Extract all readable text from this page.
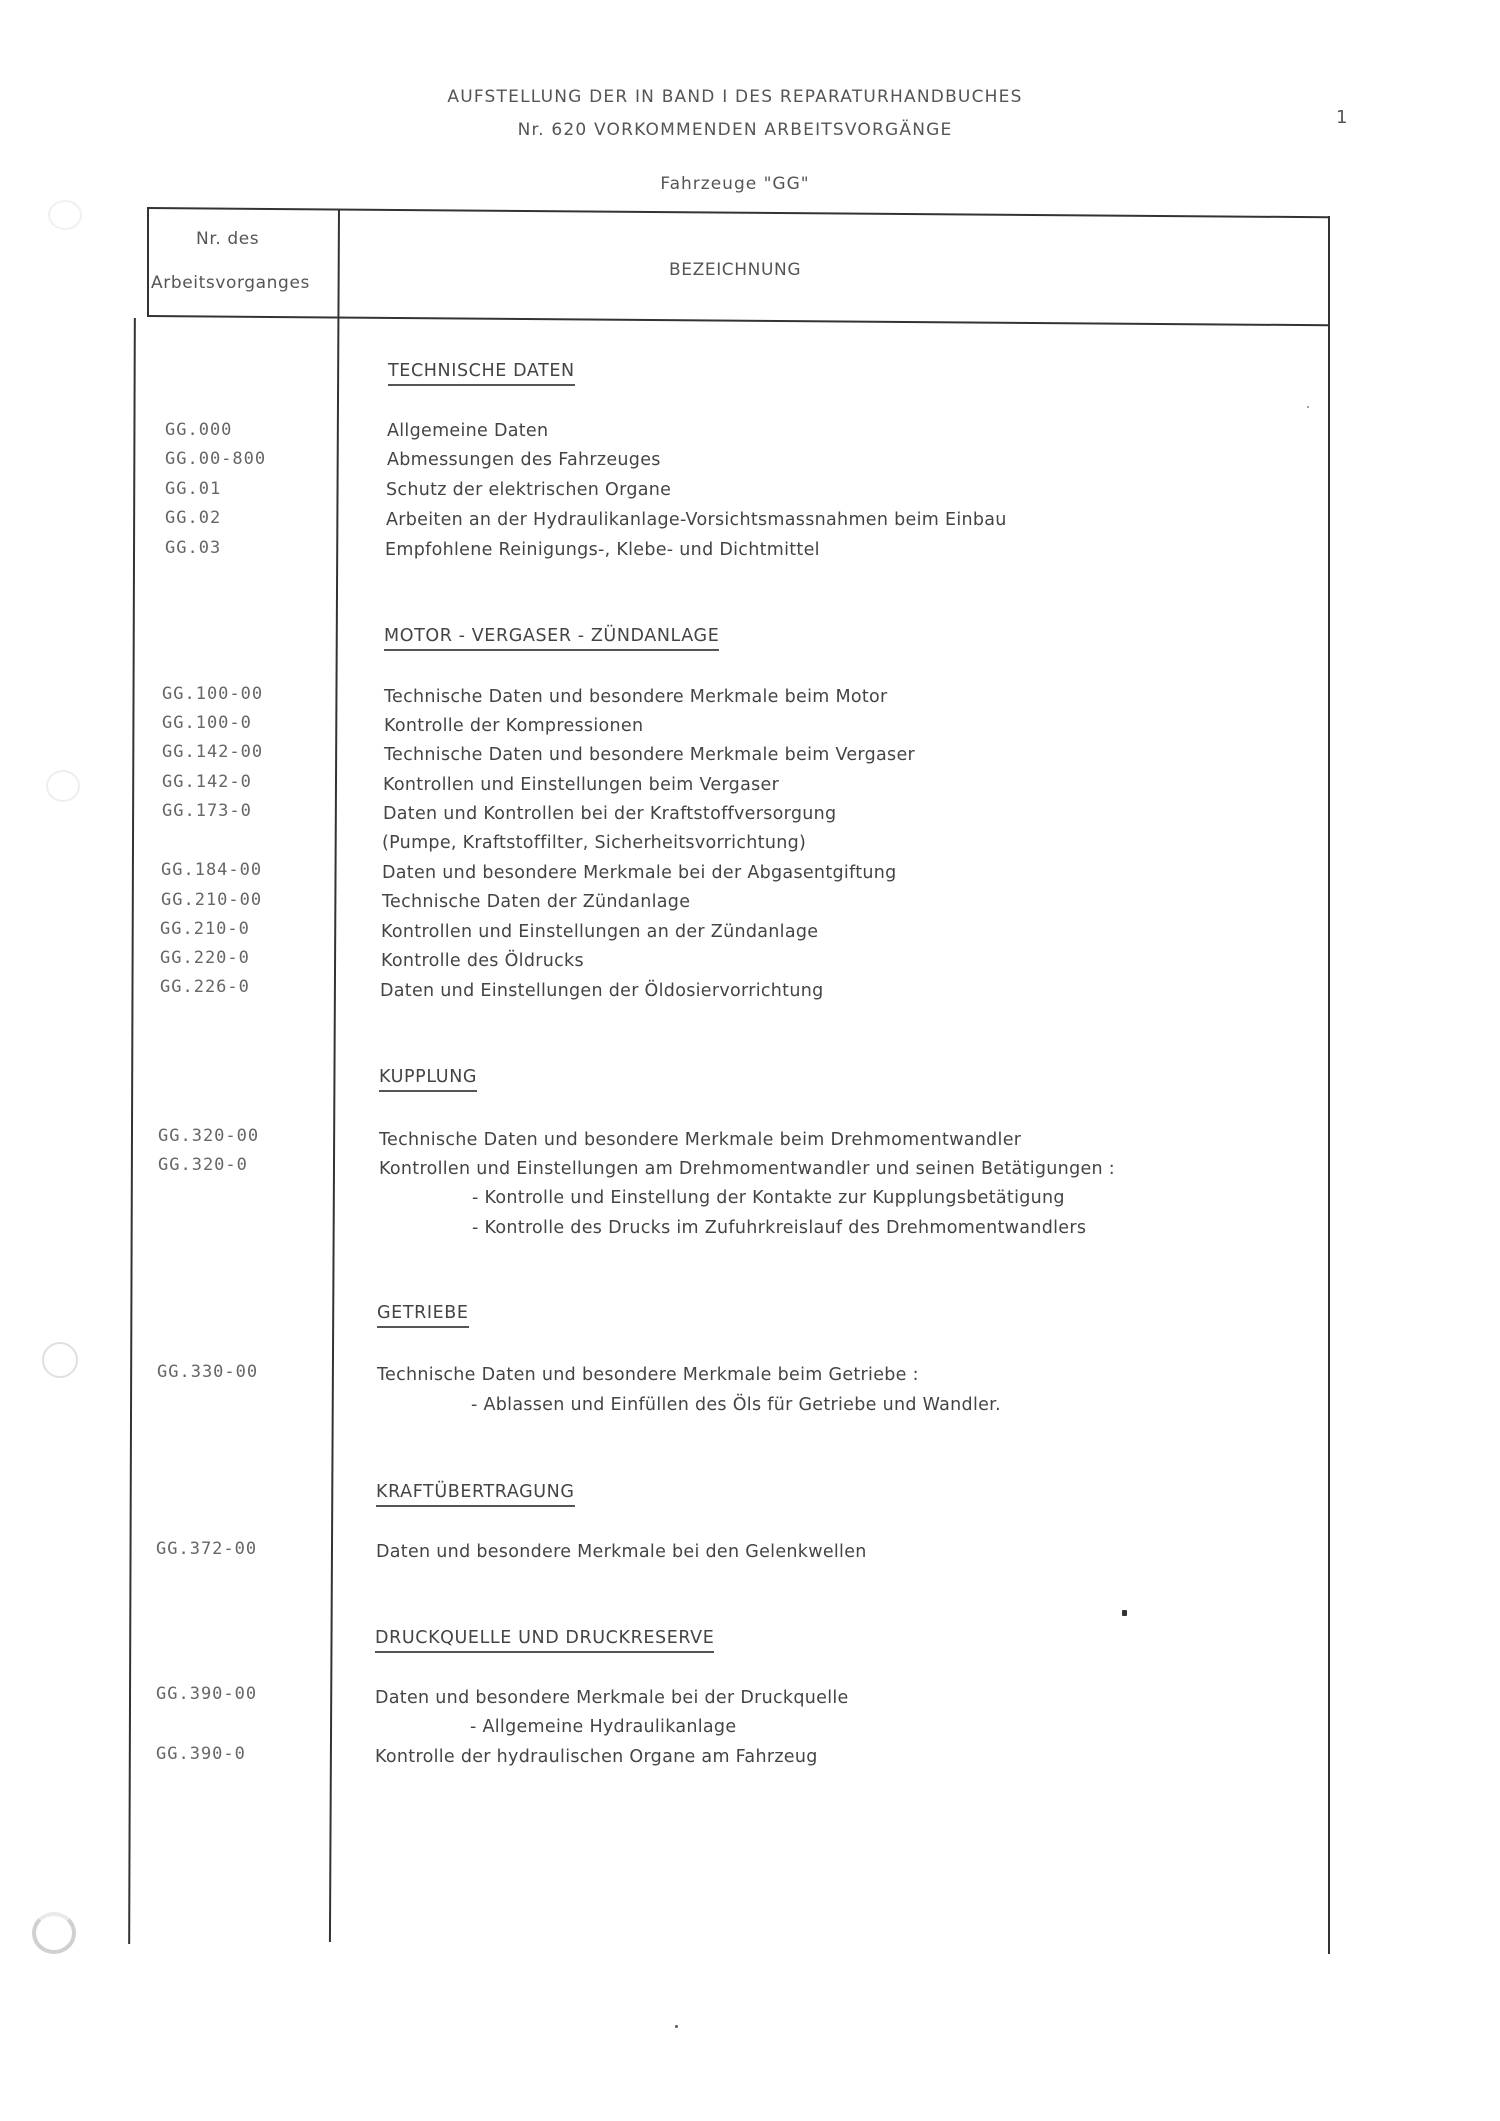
AUFSTELLUNG DER IN BAND I DES REPARATURHANDBUCHES
Nr. 620 VORKOMMENDEN ARBEITSVORGÄNGE
Fahrzeuge "GG"
1
Nr. des
Arbeitsvorganges
BEZEICHNUNG
TECHNISCHE DATEN
MOTOR - VERGASER - ZÜNDANLAGE
KUPPLUNG
GETRIEBE
KRAFTÜBERTRAGUNG
DRUCKQUELLE UND DRUCKRESERVE
GG.000	Allgemeine Daten
GG.00-800	Abmessungen des Fahrzeuges
GG.01	Schutz der elektrischen Organe
GG.02	Arbeiten an der Hydraulikanlage-Vorsichtsmassnahmen beim Einbau
GG.03	Empfohlene Reinigungs-, Klebe- und Dichtmittel
GG.100-00	Technische Daten und besondere Merkmale beim Motor
GG.100-0	Kontrolle der Kompressionen
GG.142-00	Technische Daten und besondere Merkmale beim Vergaser
GG.142-0	Kontrollen und Einstellungen beim Vergaser
GG.173-0	Daten und Kontrollen bei der Kraftstoffversorgung
(Pumpe, Kraftstoffilter, Sicherheitsvorrichtung)
GG.184-00	Daten und besondere Merkmale bei der Abgasentgiftung
GG.210-00	Technische Daten der Zündanlage
GG.210-0	Kontrollen und Einstellungen an der Zündanlage
GG.220-0	Kontrolle des Öldrucks
GG.226-0	Daten und Einstellungen der Öldosiervorrichtung
GG.320-00	Technische Daten und besondere Merkmale beim Drehmomentwandler
GG.320-0	Kontrollen und Einstellungen am Drehmomentwandler und seinen Betätigungen :
- Kontrolle und Einstellung der Kontakte zur Kupplungsbetätigung
- Kontrolle des Drucks im Zufuhrkreislauf des Drehmomentwandlers
GG.330-00	Technische Daten und besondere Merkmale beim Getriebe :
- Ablassen und Einfüllen des Öls für Getriebe und Wandler.
GG.372-00	Daten und besondere Merkmale bei den Gelenkwellen
GG.390-00	Daten und besondere Merkmale bei der Druckquelle
- Allgemeine Hydraulikanlage
GG.390-0	Kontrolle der hydraulischen Organe am Fahrzeug
